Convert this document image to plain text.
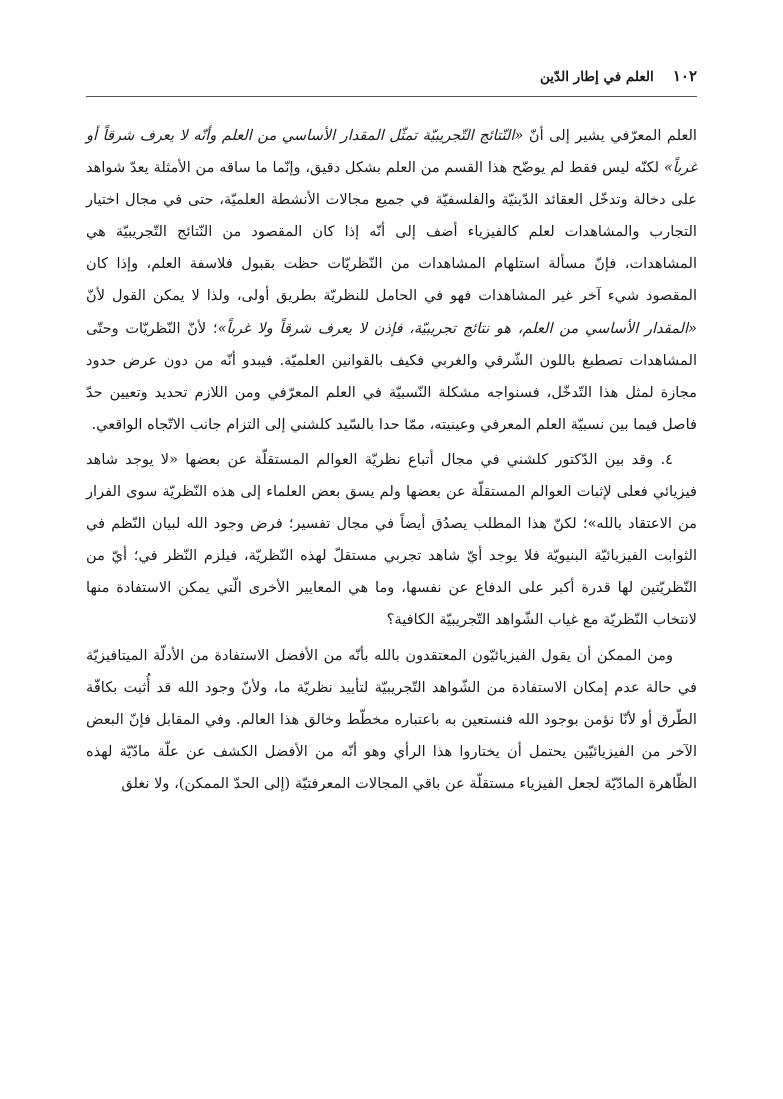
١٠٢ العلم في إطار الدّين

العلم المعرّفي يشير إلى أنّ «النّتائج التّجريبيّة تمثّل المقدار الأساسي من العلم وأنّه لا يعرف شرقاً أو غرباً» لكنّه ليس فقط لم يوضّح هذا القسم من العلم بشكل دقيق، وإنّما ما ساقه من الأمثلة يعدّ شواهد على دخالة وتدخّل العقائد الدّينيّة والفلسفيّة في جميع مجالات الأنشطة العلميّة، حتى في مجال اختيار التجارب والمشاهدات لعلم كالفيزياء أضف إلى أنّه إذا كان المقصود من النّتائج التّجريبيّة هي المشاهدات، فإنّ مسألة استلهام المشاهدات من النّظريّات حظت بقبول فلاسفة العلم، وإذا كان المقصود شيء آخر غير المشاهدات فهو في الحامل للنظريّة بطريق أولى، ولذا لا يمكن القول لأنّ «المقدار الأساسي من العلم، هو نتائج تجريبيّة، فإذن لا يعرف شرقاً ولا غرباً»؛ لأنّ النّظريّات وحتّى المشاهدات تصطبغ باللون الشّرقي والغربي فكيف بالقوانين العلميّة. فيبدو أنّه من دون عرض حدود مجازة لمثل هذا التّدخّل، فسنواجه مشكلة النّسبيّة في العلم المعرّفي ومن اللازم تحديد وتعيين حدّ فاصل فيما بين نسبيّة العلم المعرفي وعينيته، ممّا حدا بالسّيد كلشني إلى التزام جانب الاتّجاه الواقعي.

٤. وقد بين الدّكتور كلشني في مجال أتباع نظريّة العوالم المستقلّة عن بعضها «لا يوجد شاهد فيزيائي فعلى لإثبات العوالم المستقلّة عن بعضها ولم يسق بعض العلماء إلى هذه النّظريّة سوى الفرار من الاعتقاد بالله»؛ لكنّ هذا المطلب يصدُق أيضاً في مجال تفسير؛ فرض وجود الله لبيان النّظم في الثوابت الفيزيائيّة البنيويّة فلا يوجد أيّ شاهد تجربي مستقلّ لهذه النّظريّة، فيلزم النّظر في؛ أيّ من النّظريّتين لها قدرة أكبر على الدفاع عن نفسها، وما هي المعايير الأخرى الّتي يمكن الاستفادة منها لانتخاب النّظريّة مع غياب الشّواهد التّجريبيّة الكافية؟

ومن الممكن أن يقول الفيزيائيّون المعتقدون بالله بأنّه من الأفضل الاستفادة من الأدلّة الميتافيزيّة في حالة عدم إمكان الاستفادة من الشّواهد التّجريبيّة لتأييد نظريّة ما، ولأنّ وجود الله قد أُثبت بكافّة الطّرق أو لأنّا نؤمن بوجود الله فنستعين به باعتباره مخطّط وخالق هذا العالم. وفي المقابل فإنّ البعض الآخر من الفيزيائيّين يحتمل أن يختاروا هذا الرأي وهو أنّه من الأفضل الكشف عن علّة مادّيّة لهذه الظّاهرة المادّيّة لجعل الفيزياء مستقلّة عن باقي المجالات المعرفتيّة (إلى الحدّ الممكن)، ولا نغلق
